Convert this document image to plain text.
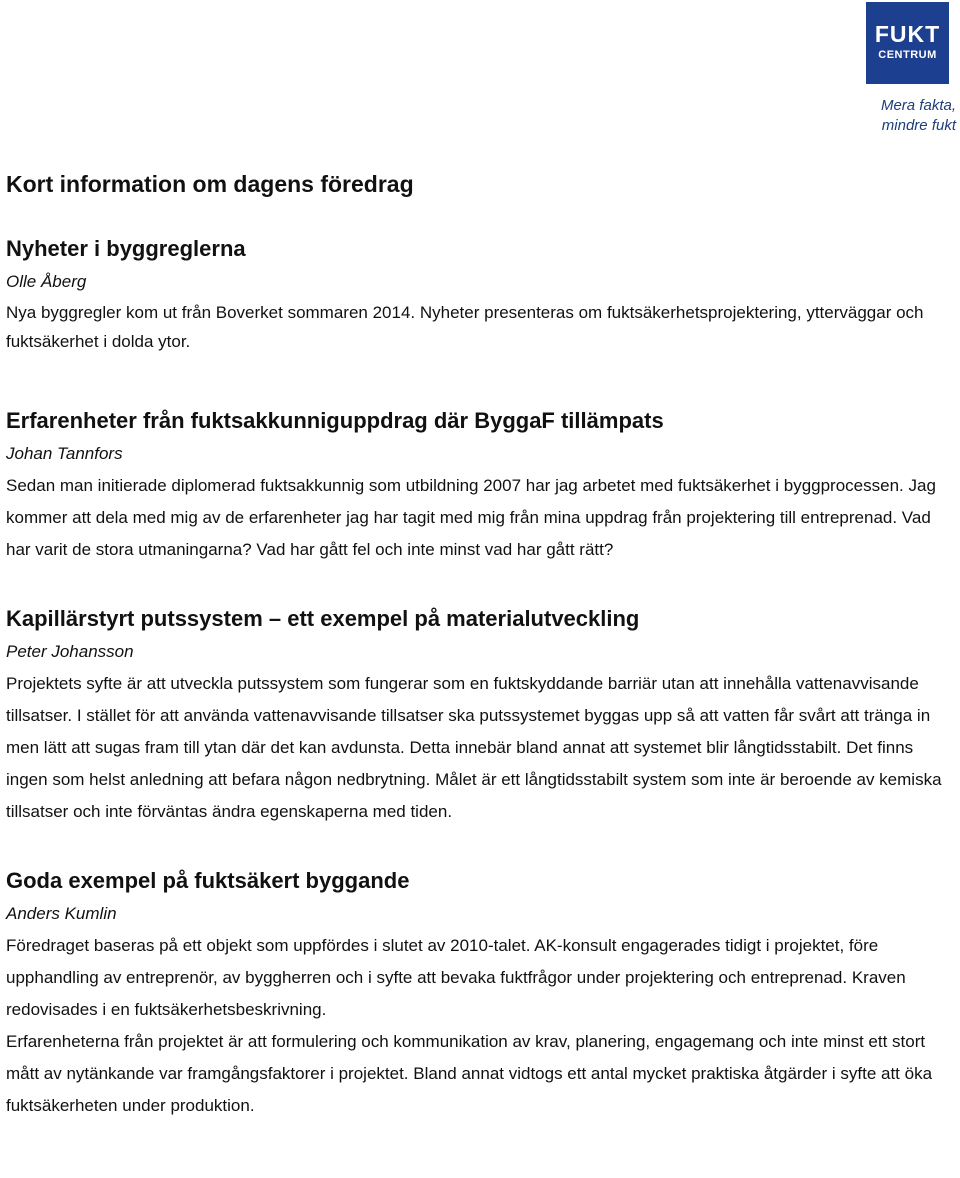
FUKT
CENTRUM
Mera fakta,
mindre fukt
Kort information om dagens föredrag
Nyheter i byggreglerna

Olle Åberg

Nya byggregler kom ut från Boverket sommaren 2014. Nyheter presenteras om fuktsäkerhetsprojektering, ytterväggar och fuktsäkerhet i dolda ytor.

Erfarenheter från fuktsakkunniguppdrag där ByggaF tillämpats

Johan Tannfors

Sedan man initierade diplomerad fuktsakkunnig som utbildning 2007 har jag arbetet med fuktsäkerhet i byggprocessen. Jag kommer att dela med mig av de erfarenheter jag har tagit med mig från mina uppdrag från projektering till entreprenad. Vad har varit de stora utmaningarna? Vad har gått fel och inte minst vad har gått rätt?

Kapillärstyrt putssystem – ett exempel på materialutveckling

Peter Johansson

Projektets syfte är att utveckla putssystem som fungerar som en fuktskyddande barriär utan att innehålla vattenavvisande tillsatser. I stället för att använda vattenavvisande tillsatser ska putssystemet byggas upp så att vatten får svårt att tränga in men lätt att sugas fram till ytan där det kan avdunsta. Detta innebär bland annat att systemet blir långtidsstabilt. Det finns ingen som helst anledning att befara någon nedbrytning. Målet är ett långtidsstabilt system som inte är beroende av kemiska tillsatser och inte förväntas ändra egenskaperna med tiden.

Goda exempel på fuktsäkert byggande

Anders Kumlin

Föredraget baseras på ett objekt som uppfördes i slutet av 2010-talet. AK-konsult engagerades tidigt i projektet, före upphandling av entreprenör, av byggherren och i syfte att bevaka fuktfrågor under projektering och entreprenad. Kraven redovisades i en fuktsäkerhetsbeskrivning.

Erfarenheterna från projektet är att formulering och kommunikation av krav, planering, engagemang och inte minst ett stort mått av nytänkande var framgångsfaktorer i projektet. Bland annat vidtogs ett antal mycket praktiska åtgärder i syfte att öka fuktsäkerheten under produktion.
